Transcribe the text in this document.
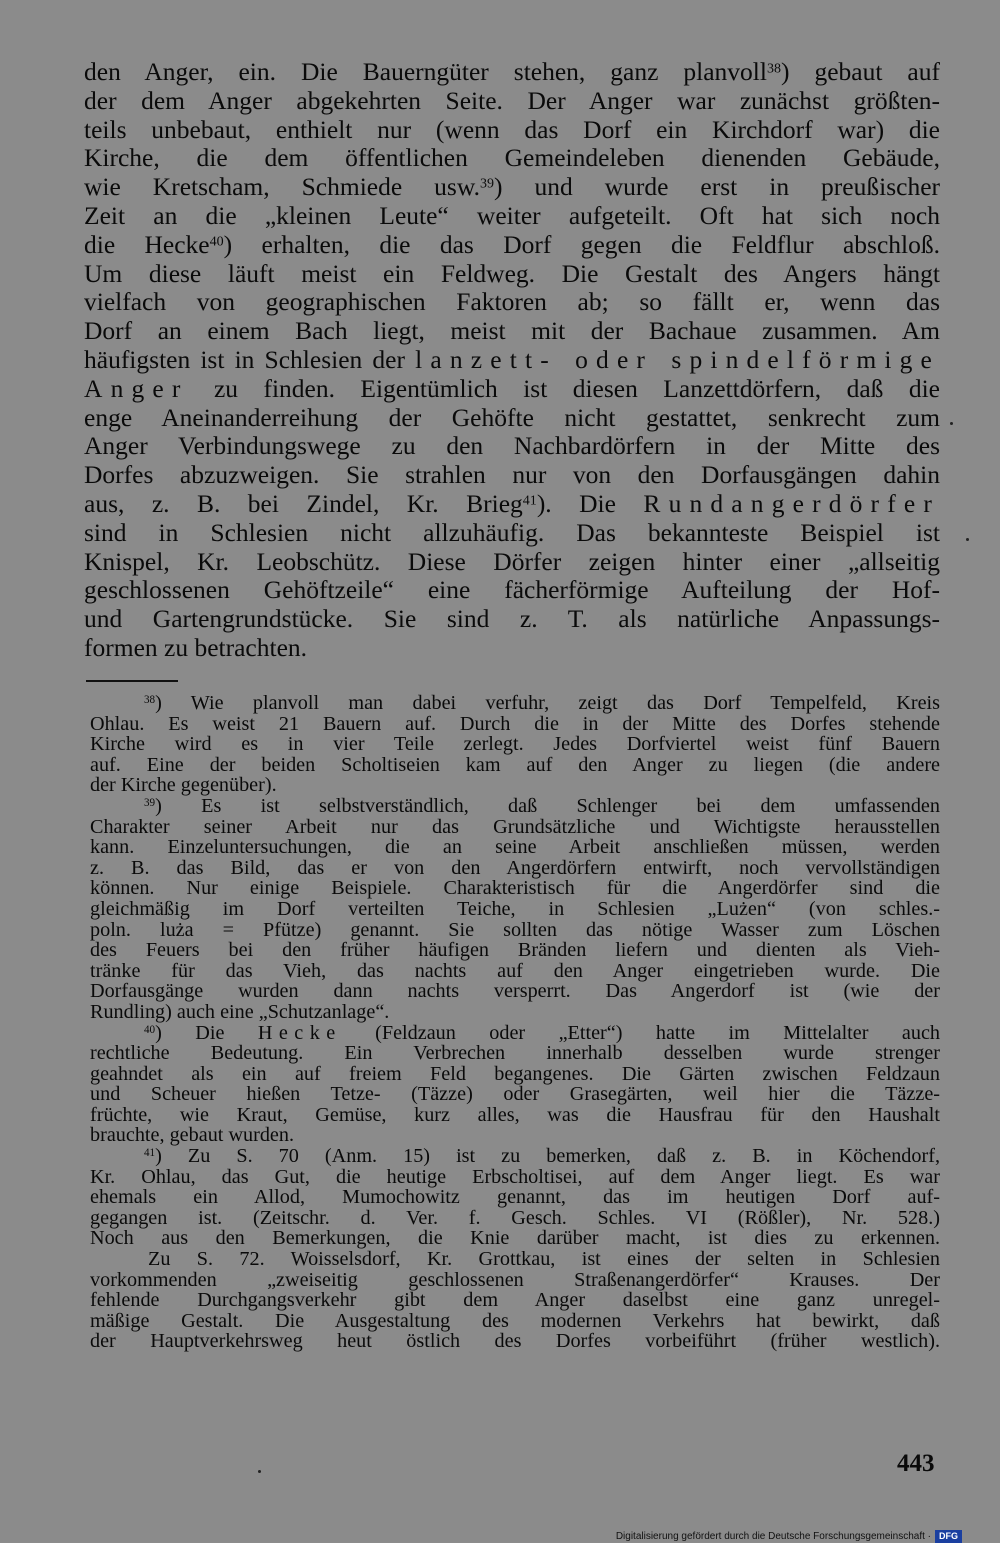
den Anger, ein. Die Bauerngüter stehen, ganz planvoll$^{38}$) gebaut auf
der dem Anger abgekehrten Seite. Der Anger war zunächst größten-
teils unbebaut, enthielt nur (wenn das Dorf ein Kirchdorf war) die
Kirche, die dem öffentlichen Gemeindeleben dienenden Gebäude,
wie Kretscham, Schmiede usw.$^{39}$) und wurde erst in preußischer
Zeit an die „kleinen Leute“ weiter aufgeteilt. Oft hat sich noch
die Hecke$^{40}$) erhalten, die das Dorf gegen die Feldflur abschloß.
Um diese läuft meist ein Feldweg. Die Gestalt des Angers hängt
vielfach von geographischen Faktoren ab; so fällt er, wenn das
Dorf an einem Bach liegt, meist mit der Bachaue zusammen. Am
häufigsten ist in Schlesien der lanzett- oder spindelförmige
Anger zu finden. Eigentümlich ist diesen Lanzettdörfern, daß die
enge Aneinanderreihung der Gehöfte nicht gestattet, senkrecht zum
Anger Verbindungswege zu den Nachbardörfern in der Mitte des
Dorfes abzuzweigen. Sie strahlen nur von den Dorfausgängen dahin
aus, z. B. bei Zindel, Kr. Brieg$^{41}$). Die Rundangerdörfer
sind in Schlesien nicht allzuhäufig. Das bekannteste Beispiel ist
Knispel, Kr. Leobschütz. Diese Dörfer zeigen hinter einer „allseitig
geschlossenen Gehöftzeile“ eine fächerförmige Aufteilung der Hof-
und Gartengrundstücke. Sie sind z. T. als natürliche Anpassungs-
formen zu betrachten.
$^{38}$) Wie planvoll man dabei verfuhr, zeigt das Dorf Tempelfeld, Kreis
Ohlau. Es weist 21 Bauern auf. Durch die in der Mitte des Dorfes stehende
Kirche wird es in vier Teile zerlegt. Jedes Dorfviertel weist fünf Bauern
auf. Eine der beiden Scholtiseien kam auf den Anger zu liegen (die andere
der Kirche gegenüber).
$^{39}$) Es ist selbstverständlich, daß Schlenger bei dem umfassenden
Charakter seiner Arbeit nur das Grundsätzliche und Wichtigste herausstellen
kann. Einzeluntersuchungen, die an seine Arbeit anschließen müssen, werden
z. B. das Bild, das er von den Angerdörfern entwirft, noch vervollständigen
können. Nur einige Beispiele. Charakteristisch für die Angerdörfer sind die
gleichmäßig im Dorf verteilten Teiche, in Schlesien „Lużen“ (von schles.-
poln. luża = Pfütze) genannt. Sie sollten das nötige Wasser zum Löschen
des Feuers bei den früher häufigen Bränden liefern und dienten als Vieh-
tränke für das Vieh, das nachts auf den Anger eingetrieben wurde. Die
Dorfausgänge wurden dann nachts versperrt. Das Angerdorf ist (wie der
Rundling) auch eine „Schutzanlage“.
$^{40}$) Die Hecke (Feldzaun oder „Etter“) hatte im Mittelalter auch
rechtliche Bedeutung. Ein Verbrechen innerhalb desselben wurde strenger
geahndet als ein auf freiem Feld begangenes. Die Gärten zwischen Feldzaun
und Scheuer hießen Tetze- (Täzze) oder Grasegärten, weil hier die Täzze-
früchte, wie Kraut, Gemüse, kurz alles, was die Hausfrau für den Haushalt
brauchte, gebaut wurden.
$^{41}$) Zu S. 70 (Anm. 15) ist zu bemerken, daß z. B. in Köchendorf,
Kr. Ohlau, das Gut, die heutige Erbscholtisei, auf dem Anger liegt. Es war
ehemals ein Allod, Mumochowitz genannt, das im heutigen Dorf auf-
gegangen ist. (Zeitschr. d. Ver. f. Gesch. Schles. VI (Rößler), Nr. 528.)
Noch aus den Bemerkungen, die Knie darüber macht, ist dies zu erkennen.
Zu S. 72. Woisselsdorf, Kr. Grottkau, ist eines der selten in Schlesien
vorkommenden „zweiseitig geschlossenen Straßenangerdörfer“ Krauses. Der
fehlende Durchgangsverkehr gibt dem Anger daselbst eine ganz unregel-
mäßige Gestalt. Die Ausgestaltung des modernen Verkehrs hat bewirkt, daß
der Hauptverkehrsweg heut östlich des Dorfes vorbeiführt (früher westlich).
443
Digitalisierung gefördert durch die Deutsche Forschungsgemeinschaft · DFG
